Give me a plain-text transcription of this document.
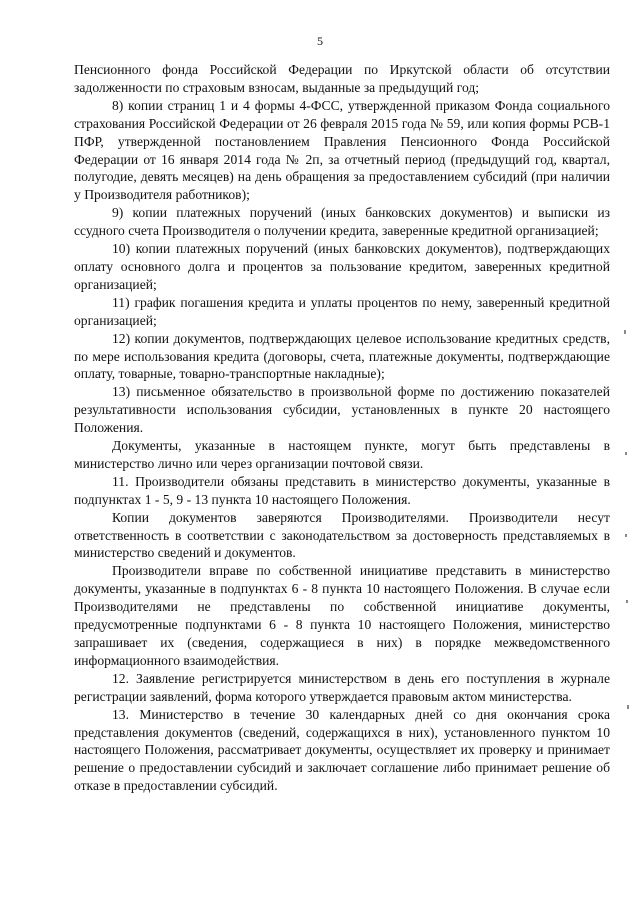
5

Пенсионного фонда Российской Федерации по Иркутской области об отсутствии задолженности по страховым взносам, выданные за предыдущий год;

8) копии страниц 1 и 4 формы 4-ФСС, утвержденной приказом Фонда социального страхования Российской Федерации от 26 февраля 2015 года № 59, или копия формы РСВ-1 ПФР, утвержденной постановлением Правления Пенсионного Фонда Российской Федерации от 16 января 2014 года № 2п, за отчетный период (предыдущий год, квартал, полугодие, девять месяцев) на день обращения за предоставлением субсидий (при наличии у Производителя работников);

9) копии платежных поручений (иных банковских документов) и выписки из ссудного счета Производителя о получении кредита, заверенные кредитной организацией;

10) копии платежных поручений (иных банковских документов), подтверждающих оплату основного долга и процентов за пользование кредитом, заверенных кредитной организацией;

11) график погашения кредита и уплаты процентов по нему, заверенный кредитной организацией;

12) копии документов, подтверждающих целевое использование кредитных средств, по мере использования кредита (договоры, счета, платежные документы, подтверждающие оплату, товарные, товарно-транспортные накладные);

13) письменное обязательство в произвольной форме по достижению показателей результативности использования субсидии, установленных в пункте 20 настоящего Положения.

Документы, указанные в настоящем пункте, могут быть представлены в министерство лично или через организации почтовой связи.

11. Производители обязаны представить в министерство документы, указанные в подпунктах 1 - 5, 9 - 13 пункта 10 настоящего Положения.

Копии документов заверяются Производителями. Производители несут ответственность в соответствии с законодательством за достоверность представляемых в министерство сведений и документов.

Производители вправе по собственной инициативе представить в министерство документы, указанные в подпунктах 6 - 8 пункта 10 настоящего Положения. В случае если Производителями не представлены по собственной инициативе документы, предусмотренные подпунктами 6 - 8 пункта 10 настоящего Положения, министерство запрашивает их (сведения, содержащиеся в них) в порядке межведомственного информационного взаимодействия.

12. Заявление регистрируется министерством в день его поступления в журнале регистрации заявлений, форма которого утверждается правовым актом министерства.

13. Министерство в течение 30 календарных дней со дня окончания срока представления документов (сведений, содержащихся в них), установленного пунктом 10 настоящего Положения, рассматривает документы, осуществляет их проверку и принимает решение о предоставлении субсидий и заключает соглашение либо принимает решение об отказе в предоставлении субсидий.
